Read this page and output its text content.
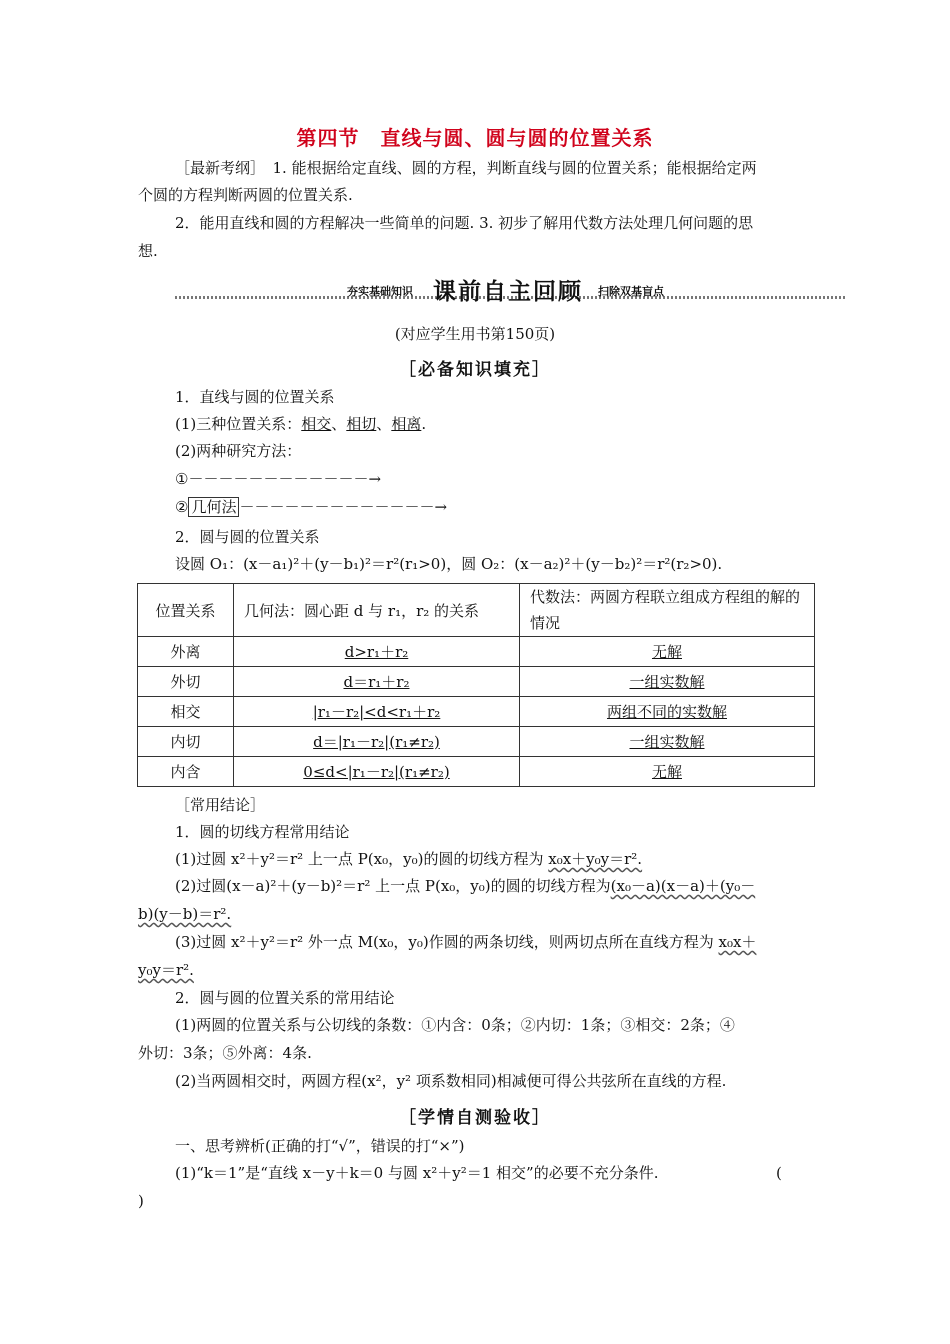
第四节　直线与圆、圆与圆的位置关系
［最新考纲］　1. 能根据给定直线、圆的方程，判断直线与圆的位置关系；能根据给定两
个圆的方程判断两圆的位置关系.
2．能用直线和圆的方程解决一些简单的问题. 3. 初步了解用代数方法处理几何问题的思
想.
夯实基础知识 课前自主回顾 扫除双基盲点
(对应学生用书第150页)
［必备知识填充］
1．直线与圆的位置关系
(1)三种位置关系：相交、相切、相离.
(2)两种研究方法：
①－－－－－－－－－－－－→
② 几何法 －－－－－－－－－－－－－→
2．圆与圆的位置关系
设圆 O₁：(x－a₁)²＋(y－b₁)²＝r²(r₁>0)，圆 O₂：(x－a₂)²＋(y－b₂)²＝r²(r₂>0).
位置关系	几何法：圆心距 d 与 r₁，r₂ 的关系	代数法：两圆方程联立组成方程组的解的情况
外离	d>r₁＋r₂	无解
外切	d＝r₁＋r₂	一组实数解
相交	|r₁－r₂|<d<r₁＋r₂	两组不同的实数解
内切	d＝|r₁－r₂|(r₁≠r₂)	一组实数解
内含	0≤d<|r₁－r₂|(r₁≠r₂)	无解
［常用结论］
1．圆的切线方程常用结论
(1)过圆 x²＋y²＝r² 上一点 P(x₀，y₀)的圆的切线方程为 x₀x＋y₀y＝r².
(2)过圆(x－a)²＋(y－b)²＝r² 上一点 P(x₀，y₀)的圆的切线方程为(x₀－a)(x－a)＋(y₀－
b)(y－b)＝r².
(3)过圆 x²＋y²＝r² 外一点 M(x₀，y₀)作圆的两条切线，则两切点所在直线方程为 x₀x＋
y₀y＝r².
2．圆与圆的位置关系的常用结论
(1)两圆的位置关系与公切线的条数：①内含：0条；②内切：1条；③相交：2条；④
外切：3条；⑤外离：4条.
(2)当两圆相交时，两圆方程(x²，y² 项系数相同)相减便可得公共弦所在直线的方程.
［学情自测验收］
一、思考辨析(正确的打“√”，错误的打“×”)
(1)“k＝1”是“直线 x－y＋k＝0 与圆 x²＋y²＝1 相交”的必要不充分条件.	(
)
